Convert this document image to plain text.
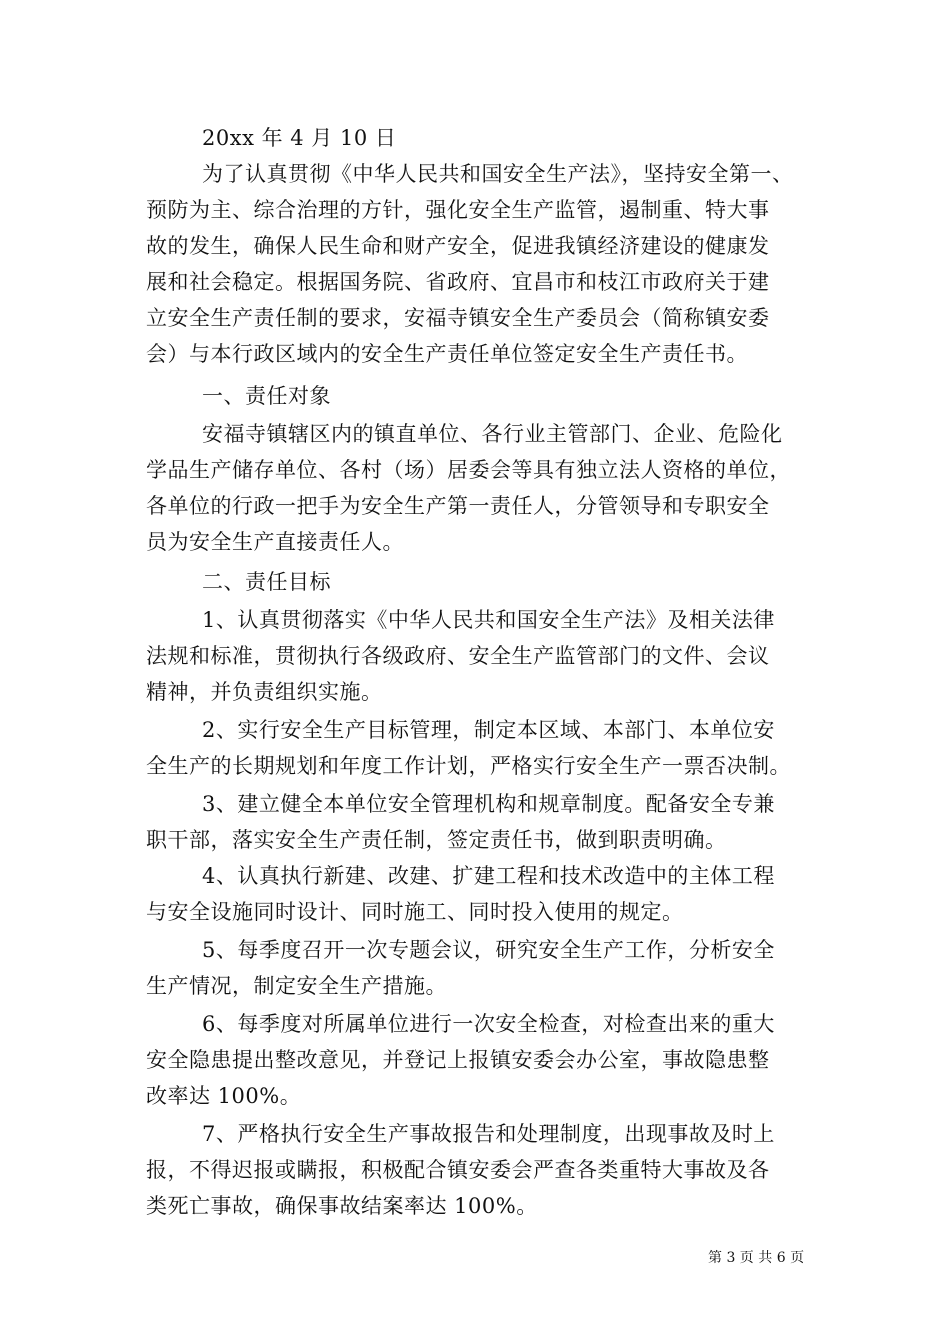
20xx 年 4 月 10 日
为了认真贯彻《中华人民共和国安全生产法》，坚持安全第一、
预防为主、综合治理的方针，强化安全生产监管，遏制重、特大事
故的发生，确保人民生命和财产安全，促进我镇经济建设的健康发
展和社会稳定。根据国务院、省政府、宜昌市和枝江市政府关于建
立安全生产责任制的要求，安福寺镇安全生产委员会（简称镇安委
会）与本行政区域内的安全生产责任单位签定安全生产责任书。
一、责任对象
安福寺镇辖区内的镇直单位、各行业主管部门、企业、危险化
学品生产储存单位、各村（场）居委会等具有独立法人资格的单位，
各单位的行政一把手为安全生产第一责任人，分管领导和专职安全
员为安全生产直接责任人。
二、责任目标
1、认真贯彻落实《中华人民共和国安全生产法》及相关法律
法规和标准，贯彻执行各级政府、安全生产监管部门的文件、会议
精神，并负责组织实施。
2、实行安全生产目标管理，制定本区域、本部门、本单位安
全生产的长期规划和年度工作计划，严格实行安全生产一票否决制。
3、建立健全本单位安全管理机构和规章制度。配备安全专兼
职干部，落实安全生产责任制，签定责任书，做到职责明确。
4、认真执行新建、改建、扩建工程和技术改造中的主体工程
与安全设施同时设计、同时施工、同时投入使用的规定。
5、每季度召开一次专题会议，研究安全生产工作，分析安全
生产情况，制定安全生产措施。
6、每季度对所属单位进行一次安全检查，对检查出来的重大
安全隐患提出整改意见，并登记上报镇安委会办公室，事故隐患整
改率达 100%。
7、严格执行安全生产事故报告和处理制度，出现事故及时上
报，不得迟报或瞒报，积极配合镇安委会严查各类重特大事故及各
类死亡事故，确保事故结案率达 100%。
第 3 页 共 6 页
